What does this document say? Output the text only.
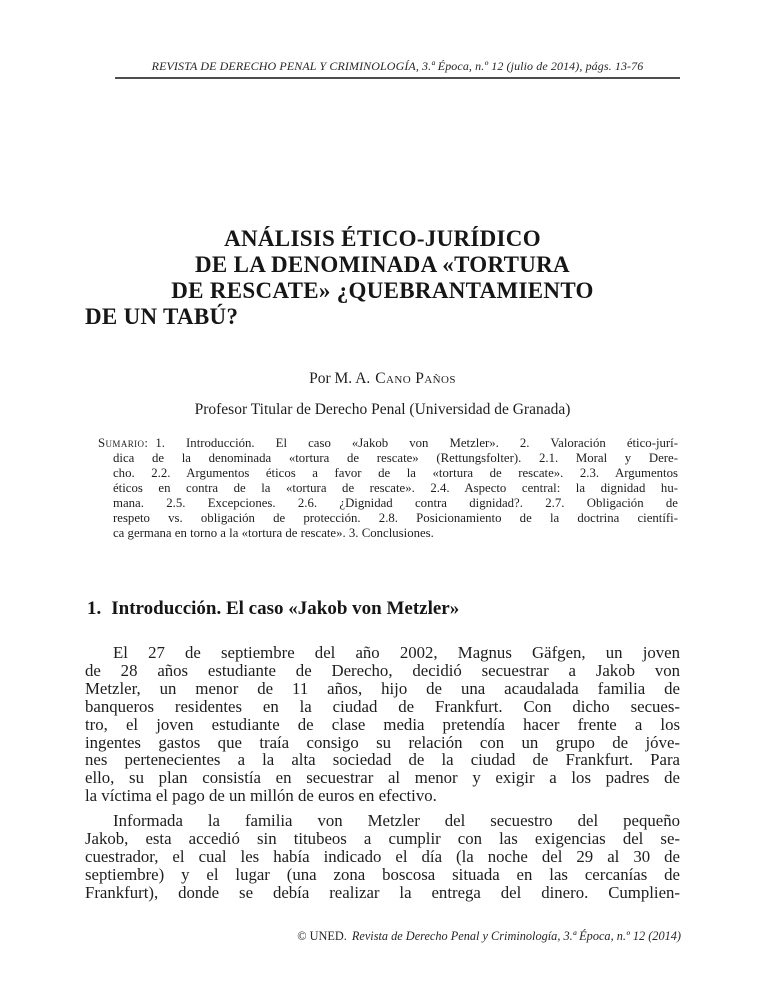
REVISTA DE DERECHO PENAL Y CRIMINOLOGÍA, 3.ª Época, n.º 12 (julio de 2014), págs. 13-76
ANÁLISIS ÉTICO-JURÍDICO
DE LA DENOMINADA «TORTURA
DE RESCATE» ¿QUEBRANTAMIENTO
DE UN TABÚ?
Por M. A. Cano Paños
Profesor Titular de Derecho Penal (Universidad de Granada)
Sumario: 1. Introducción. El caso «Jakob von Metzler». 2. Valoración ético-jurí-
dica de la denominada «tortura de rescate» (Rettungsfolter). 2.1. Moral y Dere-
cho. 2.2. Argumentos éticos a favor de la «tortura de rescate». 2.3. Argumentos
éticos en contra de la «tortura de rescate». 2.4. Aspecto central: la dignidad hu-
mana. 2.5. Excepciones. 2.6. ¿Dignidad contra dignidad?. 2.7. Obligación de
respeto vs. obligación de protección. 2.8. Posicionamiento de la doctrina científi-
ca germana en torno a la «tortura de rescate». 3. Conclusiones.
1. Introducción. El caso «Jakob von Metzler»
El 27 de septiembre del año 2002, Magnus Gäfgen, un joven
de 28 años estudiante de Derecho, decidió secuestrar a Jakob von
Metzler, un menor de 11 años, hijo de una acaudalada familia de
banqueros residentes en la ciudad de Frankfurt. Con dicho secues-
tro, el joven estudiante de clase media pretendía hacer frente a los
ingentes gastos que traía consigo su relación con un grupo de jóve-
nes pertenecientes a la alta sociedad de la ciudad de Frankfurt. Para
ello, su plan consistía en secuestrar al menor y exigir a los padres de
la víctima el pago de un millón de euros en efectivo.
Informada la familia von Metzler del secuestro del pequeño
Jakob, esta accedió sin titubeos a cumplir con las exigencias del se-
cuestrador, el cual les había indicado el día (la noche del 29 al 30 de
septiembre) y el lugar (una zona boscosa situada en las cercanías de
Frankfurt), donde se debía realizar la entrega del dinero. Cumplien-
© UNED. Revista de Derecho Penal y Criminología, 3.ª Época, n.º 12 (2014)
